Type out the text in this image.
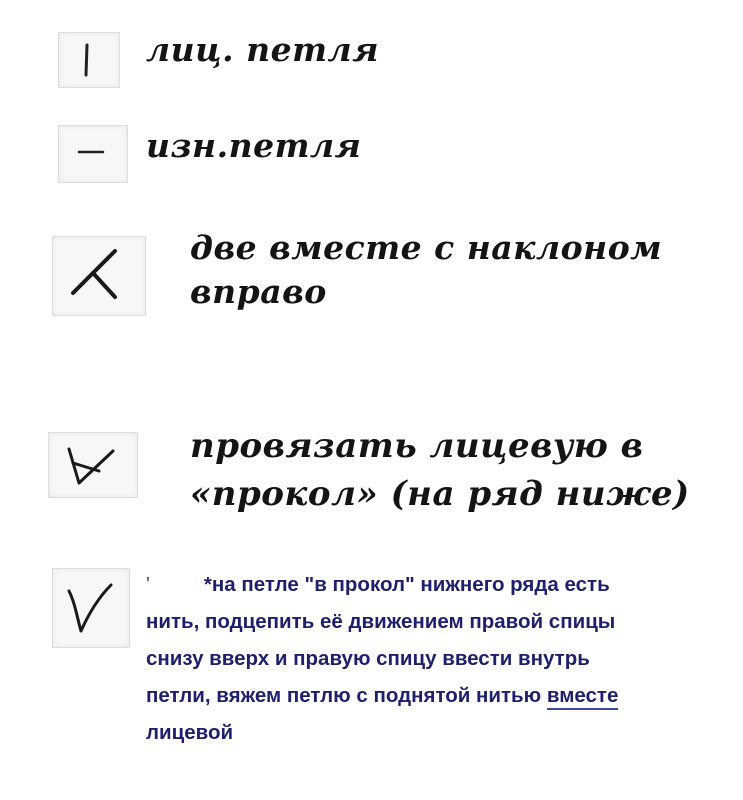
лиц. петля

изн.петля

две вместе с наклоном
вправо

провязать лицевую в
«прокол» (на ряд ниже)

'	*на петле "в прокол" нижнего ряда есть
нить, подцепить её движением правой спицы
снизу вверх и правую спицу ввести внутрь
петли, вяжем петлю с поднятой нитью вместе
лицевой
